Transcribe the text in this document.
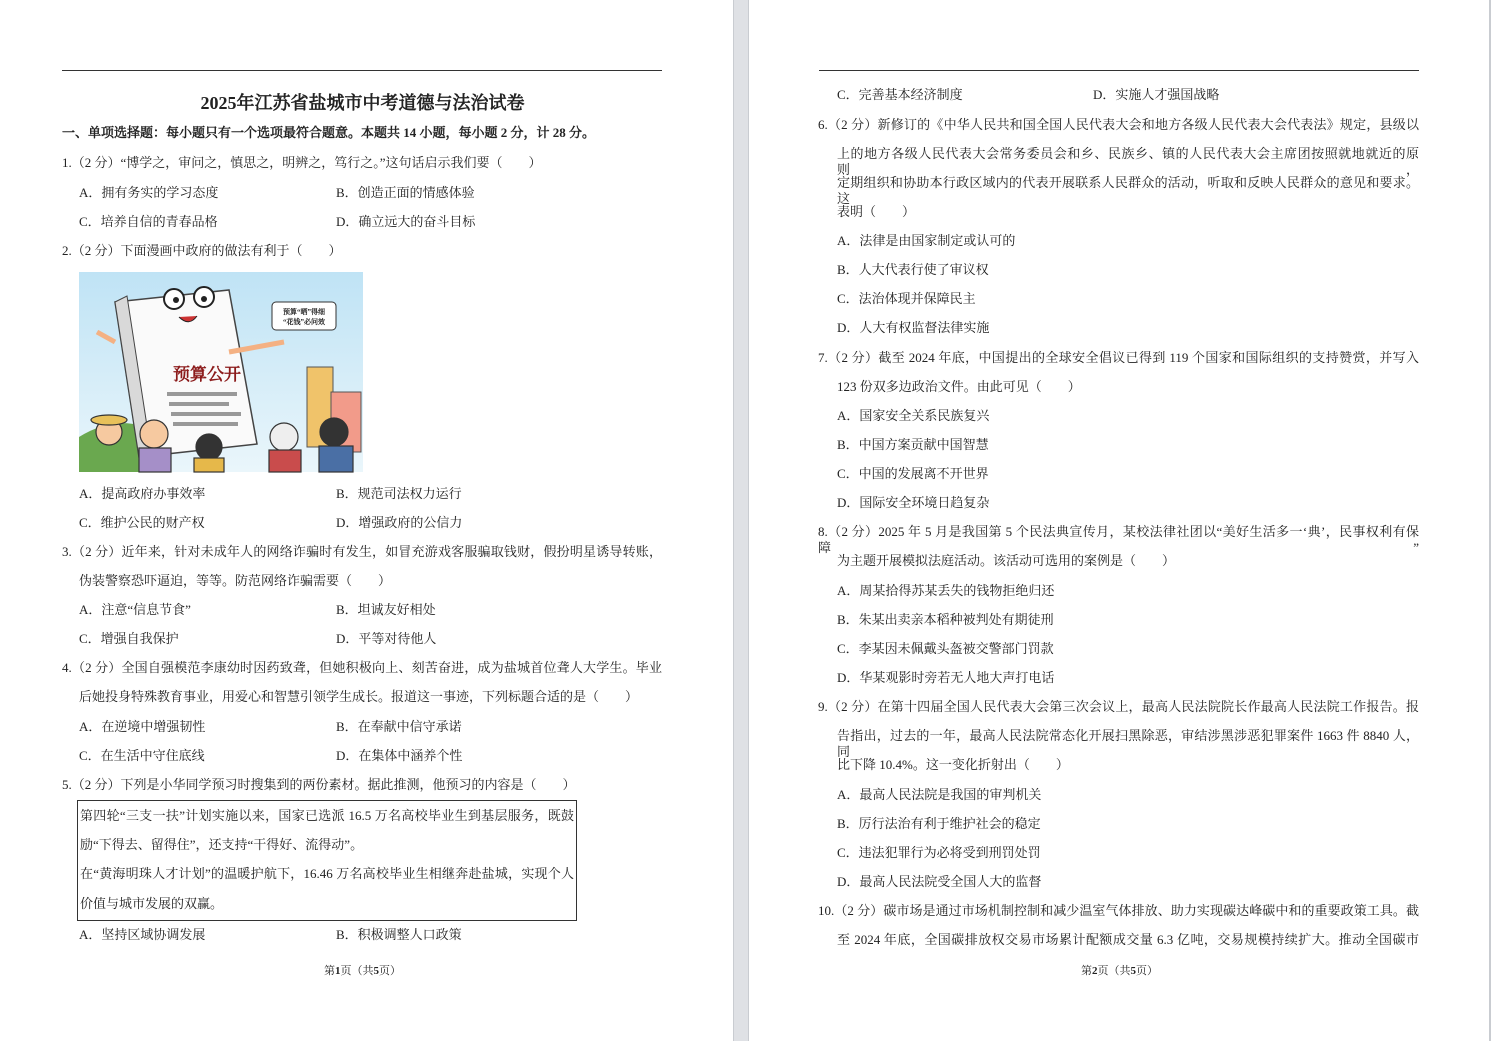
2025年江苏省盐城市中考道德与法治试卷
一、单项选择题：每小题只有一个选项最符合题意。本题共 14 小题，每小题 2 分，计 28 分。
1.（2 分）“博学之，审问之，慎思之，明辨之，笃行之。”这句话启示我们要（　　）
A．拥有务实的学习态度	B．创造正面的情感体验
C．培养自信的青春品格	D．确立远大的奋斗目标
2.（2 分）下面漫画中政府的做法有利于（　　）
预算“晒”得细
“花钱”必问效
预算公开
A．提高政府办事效率	B．规范司法权力运行
C．维护公民的财产权	D．增强政府的公信力
3.（2 分）近年来，针对未成年人的网络诈骗时有发生，如冒充游戏客服骗取钱财，假扮明星诱导转账，
伪装警察恐吓逼迫，等等。防范网络诈骗需要（　　）
A．注意“信息节食”	B．坦诚友好相处
C．增强自我保护	D．平等对待他人
4.（2 分）全国自强模范李康幼时因药致聋，但她积极向上、刻苦奋进，成为盐城首位聋人大学生。毕业
后她投身特殊教育事业，用爱心和智慧引领学生成长。报道这一事迹，下列标题合适的是（　　）
A．在逆境中增强韧性	B．在奉献中信守承诺
C．在生活中守住底线	D．在集体中涵养个性
5.（2 分）下列是小华同学预习时搜集到的两份素材。据此推测，他预习的内容是（　　）
第四轮“三支一扶”计划实施以来，国家已选派 16.5 万名高校毕业生到基层服务，既鼓
励“下得去、留得住”，还支持“干得好、流得动”。
在“黄海明珠人才计划”的温暖护航下，16.46 万名高校毕业生相继奔赴盐城，实现个人
价值与城市发展的双赢。
A．坚持区域协调发展	B．积极调整人口政策
第1页（共5页）
C．完善基本经济制度	D．实施人才强国战略
6.（2 分）新修订的《中华人民共和国全国人民代表大会和地方各级人民代表大会代表法》规定，县级以
上的地方各级人民代表大会常务委员会和乡、民族乡、镇的人民代表大会主席团按照就地就近的原则，
定期组织和协助本行政区域内的代表开展联系人民群众的活动，听取和反映人民群众的意见和要求。这
表明（　　）
A．法律是由国家制定或认可的
B．人大代表行使了审议权
C．法治体现并保障民主
D．人大有权监督法律实施
7.（2 分）截至 2024 年底，中国提出的全球安全倡议已得到 119 个国家和国际组织的支持赞赏，并写入
123 份双多边政治文件。由此可见（　　）
A．国家安全关系民族复兴
B．中国方案贡献中国智慧
C．中国的发展离不开世界
D．国际安全环境日趋复杂
8.（2 分）2025 年 5 月是我国第 5 个民法典宣传月，某校法律社团以“美好生活多一‘典’，民事权利有保障”
为主题开展模拟法庭活动。该活动可选用的案例是（　　）
A．周某拾得苏某丢失的钱物拒绝归还
B．朱某出卖亲本稻种被判处有期徒刑
C．李某因未佩戴头盔被交警部门罚款
D．华某观影时旁若无人地大声打电话
9.（2 分）在第十四届全国人民代表大会第三次会议上，最高人民法院院长作最高人民法院工作报告。报
告指出，过去的一年，最高人民法院常态化开展扫黑除恶，审结涉黑涉恶犯罪案件 1663 件 8840 人，同
比下降 10.4%。这一变化折射出（　　）
A．最高人民法院是我国的审判机关
B．厉行法治有利于维护社会的稳定
C．违法犯罪行为必将受到刑罚处罚
D．最高人民法院受全国人大的监督
10.（2 分）碳市场是通过市场机制控制和减少温室气体排放、助力实现碳达峰碳中和的重要政策工具。截
至 2024 年底，全国碳排放权交易市场累计配额成交量 6.3 亿吨，交易规模持续扩大。推动全国碳市
第2页（共5页）
